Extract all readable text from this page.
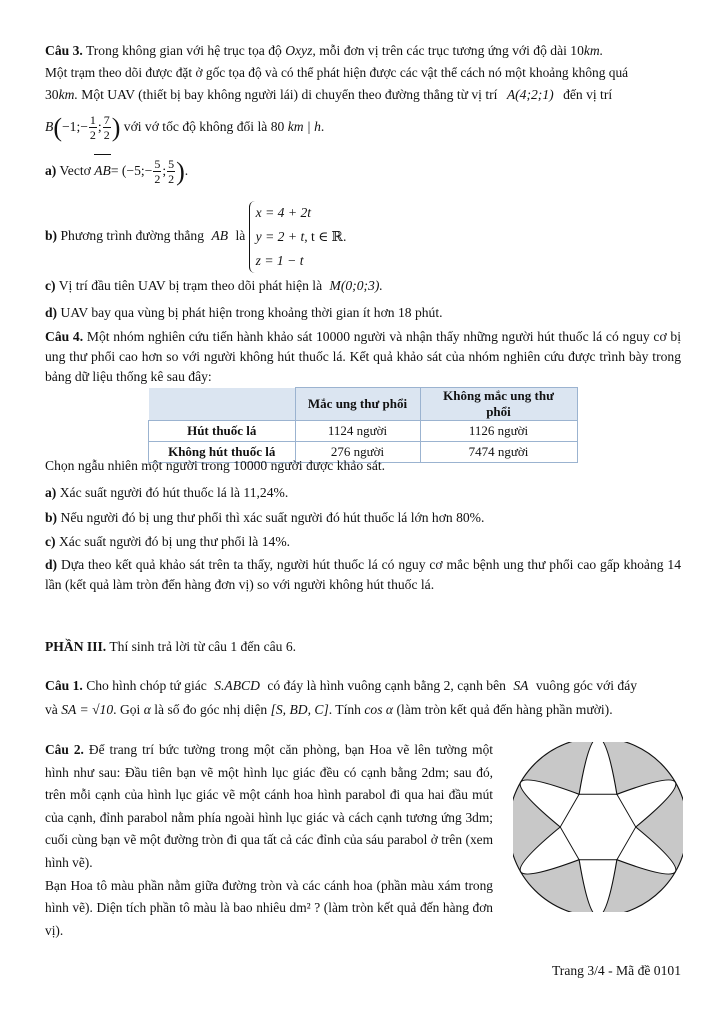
Câu 3. Trong không gian với hệ trục tọa độ Oxyz, mỗi đơn vị trên các trục tương ứng với độ dài 10km.
Một trạm theo dõi được đặt ở gốc tọa độ và có thể phát hiện được các vật thể cách nó một khoảng không quá
30km. Một UAV (thiết bị bay không người lái) di chuyển theo đường thẳng từ vị trí A(4;2;1) đến vị trí
B(−1;− $\frac{1}{2}$ ; $\frac{7}{2}$ ) với vớ tốc độ không đổi là 80 km | h.
a) Vectơ AB= (−5;− $\frac{5}{2}$ ; $\frac{5}{2}$ ).
b) Phương trình đường thẳng AB là
x = 4 + 2t
y = 2 + t, t ∈ ℝ.
z = 1 − t
c) Vị trí đầu tiên UAV bị trạm theo dõi phát hiện là M(0;0;3).
d) UAV bay qua vùng bị phát hiện trong khoảng thời gian ít hơn 18 phút.
Câu 4. Một nhóm nghiên cứu tiến hành khảo sát 10000 người và nhận thấy những người hút thuốc lá có nguy cơ bị ung thư phổi cao hơn so với người không hút thuốc lá. Kết quả khảo sát của nhóm nghiên cứu được trình bày trong bảng dữ liệu thống kê sau đây:
	Mắc ung thư phổi	Không mắc ung thư phổi
Hút thuốc lá	1124 người	1126 người
Không hút thuốc lá	276 người	7474 người
Chọn ngẫu nhiên một người trong 10000 người được khảo sát.
a) Xác suất người đó hút thuốc lá là 11,24%.
b) Nếu người đó bị ung thư phổi thì xác suất người đó hút thuốc lá lớn hơn 80%.
c) Xác suất người đó bị ung thư phổi là 14%.
d) Dựa theo kết quả khảo sát trên ta thấy, người hút thuốc lá có nguy cơ mắc bệnh ung thư phổi cao gấp khoảng 14 lần (kết quả làm tròn đến hàng đơn vị) so với người không hút thuốc lá.
PHẦN III. Thí sinh trả lời từ câu 1 đến câu 6.
Câu 1. Cho hình chóp tứ giác S.ABCD có đáy là hình vuông cạnh bằng 2, cạnh bên SA vuông góc với đáy
và SA = √10. Gọi α là số đo góc nhị diện [S, BD, C]. Tính cos α (làm tròn kết quả đến hàng phần mười).
Câu 2. Để trang trí bức tường trong một căn phòng, bạn Hoa vẽ lên tường một hình như sau: Đầu tiên bạn vẽ một hình lục giác đều có cạnh bằng 2dm; sau đó, trên mỗi cạnh của hình lục giác vẽ một cánh hoa hình parabol đi qua hai đầu mút của cạnh, đỉnh parabol nằm phía ngoài hình lục giác và cách cạnh tương ứng 3dm; cuối cùng bạn vẽ một đường tròn đi qua tất cả các đỉnh của sáu parabol ở trên (xem hình vẽ).
Bạn Hoa tô màu phần nằm giữa đường tròn và các cánh hoa (phần màu xám trong hình vẽ). Diện tích phần tô màu là bao nhiêu dm² ? (làm tròn kết quả đến hàng đơn vị).
Trang 3/4 - Mã đề 0101
